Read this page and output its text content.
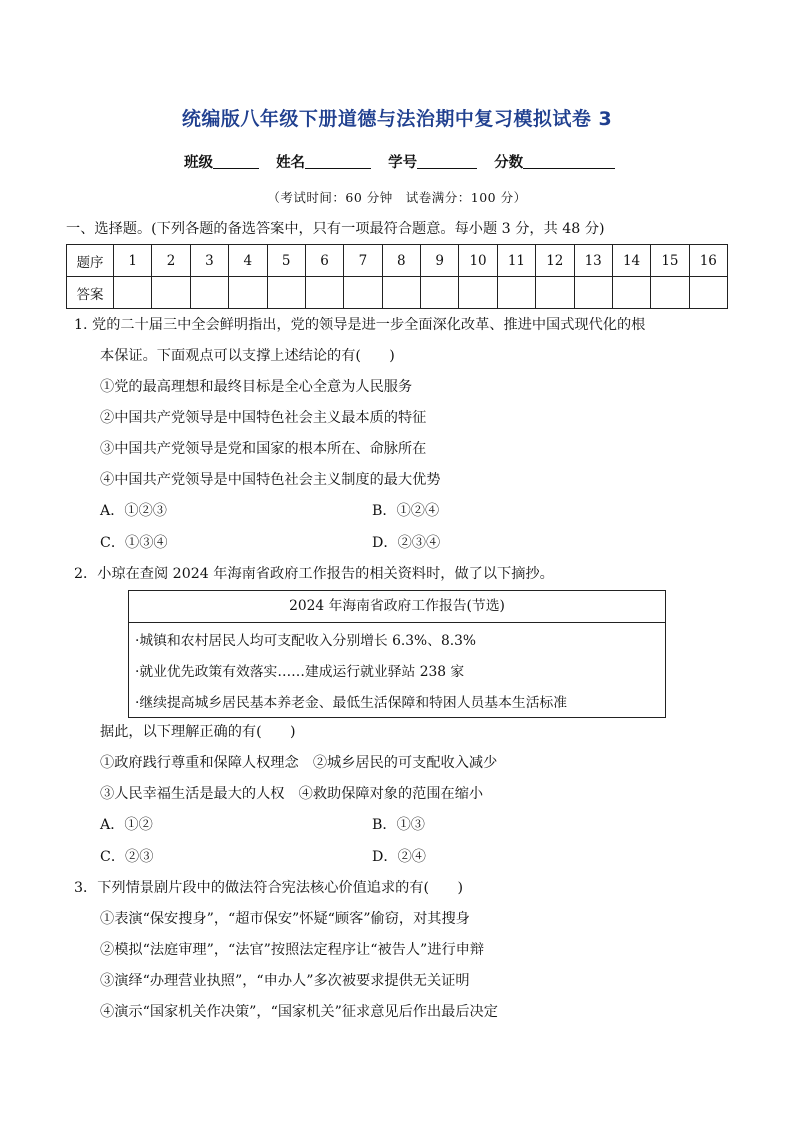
统编版八年级下册道德与法治期中复习模拟试卷 3
班级	姓名	学号	分数
（考试时间：60 分钟　试卷满分：100 分）
一、选择题。(下列各题的备选答案中，只有一项最符合题意。每小题 3 分，共 48 分)
题序	1	2	3	4	5	6	7	8	9	10	11	12	13	14	15	16
答案																
1. 党的二十届三中全会鲜明指出，党的领导是进一步全面深化改革、推进中国式现代化的根
本保证。下面观点可以支撑上述结论的有(　　)
①党的最高理想和最终目标是全心全意为人民服务
②中国共产党领导是中国特色社会主义最本质的特征
③中国共产党领导是党和国家的根本所在、命脉所在
④中国共产党领导是中国特色社会主义制度的最大优势
A．①②③	B．①②④
C．①③④	D．②③④
2．小琼在查阅 2024 年海南省政府工作报告的相关资料时，做了以下摘抄。
2024 年海南省政府工作报告(节选)
·城镇和农村居民人均可支配收入分别增长 6.3%、8.3%
·就业优先政策有效落实……建成运行就业驿站 238 家
·继续提高城乡居民基本养老金、最低生活保障和特困人员基本生活标准
据此，以下理解正确的有(　　)
①政府践行尊重和保障人权理念　②城乡居民的可支配收入减少
③人民幸福生活是最大的人权　④救助保障对象的范围在缩小
A．①②	B．①③
C．②③	D．②④
3．下列情景剧片段中的做法符合宪法核心价值追求的有(　　)
①表演“保安搜身”，“超市保安”怀疑“顾客”偷窃，对其搜身
②模拟“法庭审理”，“法官”按照法定程序让“被告人”进行申辩
③演绎“办理营业执照”，“申办人”多次被要求提供无关证明
④演示“国家机关作决策”，“国家机关”征求意见后作出最后决定
